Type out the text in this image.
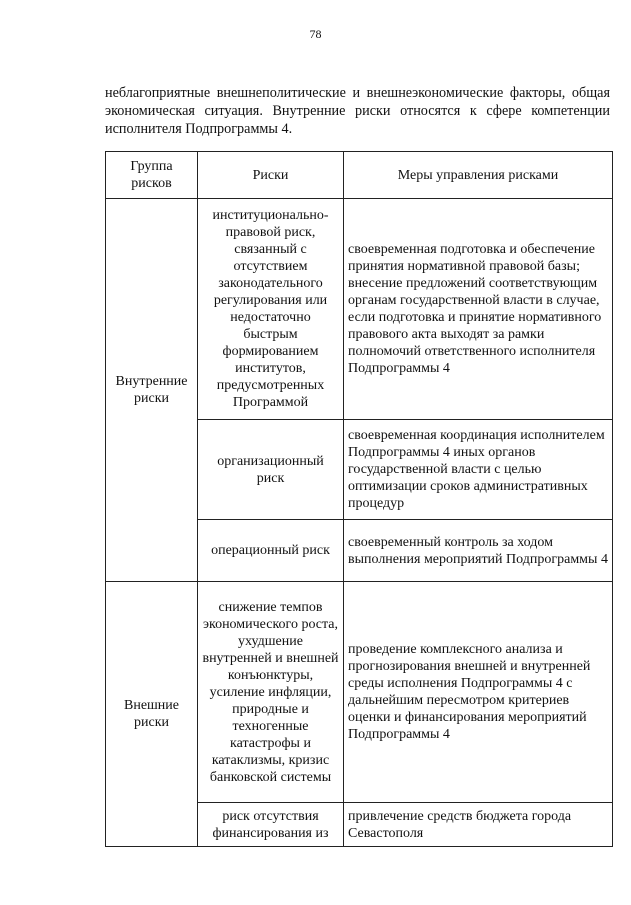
78

неблагоприятные внешнеполитические и внешнеэкономические факторы, общая экономическая ситуация. Внутренние риски относятся к сфере компетенции исполнителя Подпрограммы 4.

Группа рисков	Риски	Меры управления рисками
Внутренние риски	институционально-правовой риск, связанный с отсутствием законодательного регулирования или недостаточно быстрым формированием институтов, предусмотренных Программой	своевременная подготовка и обеспечение принятия нормативной правовой базы; внесение предложений соответствующим органам государственной власти в случае, если подготовка и принятие нормативного правового акта выходят за рамки полномочий ответственного исполнителя Подпрограммы 4
	организационный риск	своевременная координация исполнителем Подпрограммы 4 иных органов государственной власти с целью оптимизации сроков административных процедур
	операционный риск	своевременный контроль за ходом выполнения мероприятий Подпрограммы 4
Внешние риски	снижение темпов экономического роста, ухудшение внутренней и внешней конъюнктуры, усиление инфляции, природные и техногенные катастрофы и катаклизмы, кризис банковской системы	проведение комплексного анализа и прогнозирования внешней и внутренней среды исполнения Подпрограммы 4 с дальнейшим пересмотром критериев оценки и финансирования мероприятий Подпрограммы 4
	риск отсутствия финансирования из	привлечение средств бюджета города Севастополя
